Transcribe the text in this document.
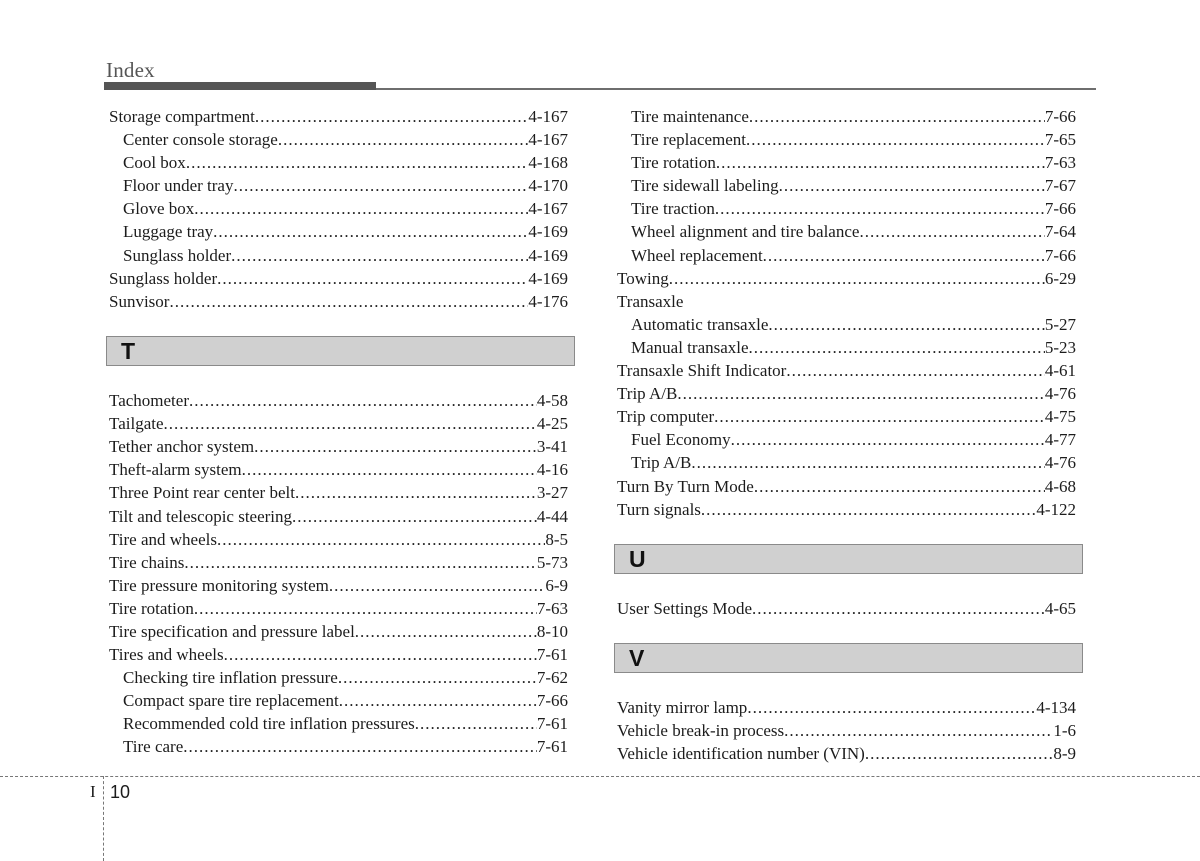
Index
Storage compartment .....	4-167
Center console storage .....	4-167
Cool box .....	4-168
Floor under tray .....	4-170
Glove box .....	4-167
Luggage tray .....	4-169
Sunglass holder .....	4-169
Sunglass holder .....	4-169
Sunvisor .....	4-176
T
Tachometer .....	4-58
Tailgate .....	4-25
Tether anchor system .....	3-41
Theft-alarm system .....	4-16
Three Point rear center belt .....	3-27
Tilt and telescopic steering .....	4-44
Tire and wheels .....	8-5
Tire chains .....	5-73
Tire pressure monitoring system .....	6-9
Tire rotation .....	7-63
Tire specification and pressure label .....	8-10
Tires and wheels .....	7-61
Checking tire inflation pressure .....	7-62
Compact spare tire replacement .....	7-66
Recommended cold tire inflation pressures .....	7-61
Tire care .....	7-61
Tire maintenance .....	7-66
Tire replacement .....	7-65
Tire rotation .....	7-63
Tire sidewall labeling .....	7-67
Tire traction .....	7-66
Wheel alignment and tire balance .....	7-64
Wheel replacement .....	7-66
Towing .....	6-29
Transaxle
Automatic transaxle .....	5-27
Manual transaxle .....	5-23
Transaxle Shift Indicator .....	4-61
Trip A/B .....	4-76
Trip computer .....	4-75
Fuel Economy .....	4-77
Trip A/B .....	4-76
Turn By Turn Mode .....	4-68
Turn signals .....	4-122
U
User Settings Mode .....	4-65
V
Vanity mirror lamp .....	4-134
Vehicle break-in process .....	1-6
Vehicle identification number (VIN) .....	8-9
I 10
